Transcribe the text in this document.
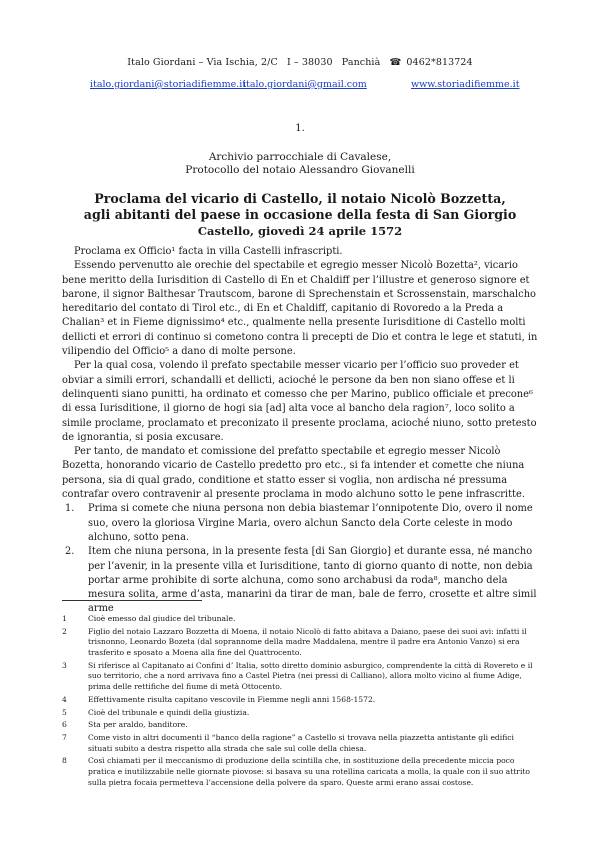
Italo Giordani – Via Ischia, 2/C I – 38030 Panchià ☎ 0462*813724
italo.giordani@storiadifiemme.it
italo.giordani@gmail.com	www.storiadifiemme.it
1.
Archivio parrocchiale di Cavalese,
Protocollo del notaio Alessandro Giovanelli
Proclama del vicario di Castello, il notaio Nicolò Bozzetta,
agli abitanti del paese in occasione della festa di San Giorgio
Castello, giovedì 24 aprile 1572

Proclama ex Officio¹ facta in villa Castelli infrascripti.

Essendo pervenutto ale orechie del spectabile et egregio messer Nicolò Bozetta², vicario bene meritto della Iurisdition di Castello di En et Chaldiff per l’illustre et generoso signore et barone, il signor Balthesar Trautscom, barone di Sprechenstain et Scrossenstain, marschalcho hereditario del contato di Tirol etc., di En et Chaldiff, capitanio di Rovoredo a la Preda a Chalian³ et in Fieme dignissimo⁴ etc., qualmente nella presente Iurisditione di Castello molti dellicti et errori di continuo si cometono contra li precepti de Dio et contra le lege et statuti, in vilipendio del Officio⁵ a dano di molte persone.

Per la qual cosa, volendo il prefato spectabile messer vicario per l’officio suo proveder et obviar a simili errori, schandalli et dellicti, acioché le persone da ben non siano offese et li delinquenti siano punitti, ha ordinato et comesso che per Marino, publico officiale et precone⁶ di essa Iurisditione, il giorno de hogi sia [ad] alta voce al bancho dela ragion⁷, loco solito a simile proclame, proclamato et preconizato il presente proclama, acioché niuno, sotto pretesto de ignorantia, si posia excusare.

Per tanto, de mandato et comissione del prefatto spectabile et egregio messer Nicolò Bozetta, honorando vicario de Castello predetto pro etc., si fa intender et comette che niuna persona, sia di qual grado, conditione et statto esser si voglia, non ardischa né pressuma contrafar overo contravenir al presente proclama in modo alchuno sotto le pene infrascritte.

1. Prima si comete che niuna persona non debia biastemar l’onnipotente Dio, overo il nome suo, overo la gloriosa Virgine Maria, overo alchun Sancto dela Corte celeste in modo alchuno, sotto pena.
2. Item che niuna persona, in la presente festa [di San Giorgio] et durante essa, né mancho per l’avenir, in la presente villa et Iurisditione, tanto di giorno quanto di notte, non debia portar arme prohibite di sorte alchuna, como sono archabusi da roda⁸, mancho dela mesura solita, arme d’asta, manarini da tirar de man, bale de ferro, crosette et altre simil arme
1	Cioè emesso dal giudice del tribunale.
2	Figlio del notaio Lazzaro Bozzetta di Moena, il notaio Nicolò di fatto abitava a Daiano, paese dei suoi avi: infatti il trisnonno, Leonardo Bozeta (dal soprannome della madre Maddalena, mentre il padre era Antonio Vanzo) si era trasferito e sposato a Moena alla fine del Quattrocento.
3	Si riferisce al Capitanato ai Confini d’ Italia, sotto diretto dominio asburgico, comprendente la città di Rovereto e il suo territorio, che a nord arrivava fino a Castel Pietra (nei pressi di Calliano), allora molto vicino al fiume Adige, prima delle rettifiche del fiume di metà Ottocento.
4	Effettivamente risulta capitano vescovile in Fiemme negli anni 1568-1572.
5	Cioè del tribunale e quindi della giustizia.
6	Sta per araldo, banditore.
7	Come visto in altri documenti il “banco della ragione” a Castello si trovava nella piazzetta antistante gli edifici situati subito a destra rispetto alla strada che sale sul colle della chiesa.
8	Così chiamati per il meccanismo di produzione della scintilla che, in sostituzione della precedente miccia poco pratica e inutilizzabile nelle giornate piovose: si basava su una rotellina caricata a molla, la quale con il suo attrito sulla pietra focaia permetteva l’accensione della polvere da sparo. Queste armi erano assai costose.
